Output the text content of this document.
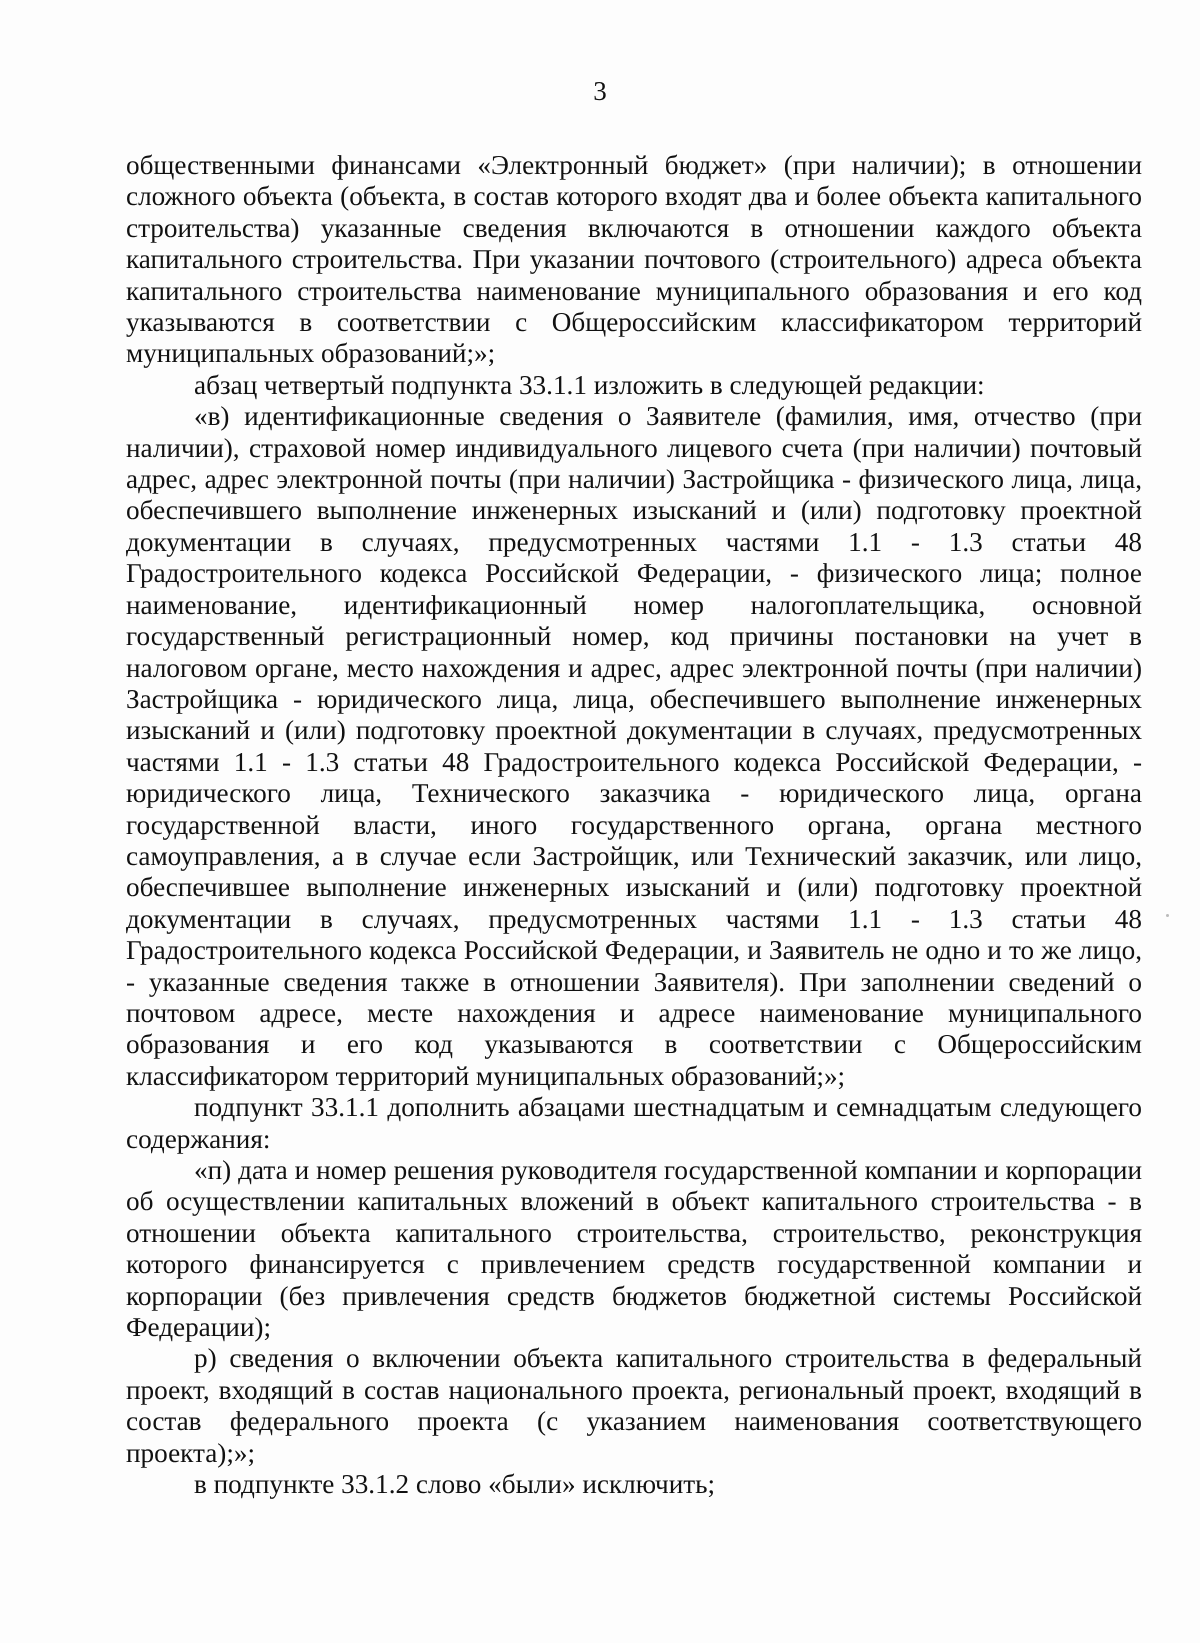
3

общественными финансами «Электронный бюджет» (при наличии); в отношении сложного объекта (объекта, в состав которого входят два и более объекта капитального строительства) указанные сведения включаются в отношении каждого объекта капитального строительства. При указании почтового (строительного) адреса объекта капитального строительства наименование муниципального образования и его код указываются в соответствии с Общероссийским классификатором территорий муниципальных образований;»;

абзац четвертый подпункта 33.1.1 изложить в следующей редакции:

«в) идентификационные сведения о Заявителе (фамилия, имя, отчество (при наличии), страховой номер индивидуального лицевого счета (при наличии) почтовый адрес, адрес электронной почты (при наличии) Застройщика - физического лица, лица, обеспечившего выполнение инженерных изысканий и (или) подготовку проектной документации в случаях, предусмотренных частями 1.1 - 1.3 статьи 48 Градостроительного кодекса Российской Федерации, - физического лица; полное наименование, идентификационный номер налогоплательщика, основной государственный регистрационный номер, код причины постановки на учет в налоговом органе, место нахождения и адрес, адрес электронной почты (при наличии) Застройщика - юридического лица, лица, обеспечившего выполнение инженерных изысканий и (или) подготовку проектной документации в случаях, предусмотренных частями 1.1 - 1.3 статьи 48 Градостроительного кодекса Российской Федерации, - юридического лица, Технического заказчика - юридического лица, органа государственной власти, иного государственного органа, органа местного самоуправления, а в случае если Застройщик, или Технический заказчик, или лицо, обеспечившее выполнение инженерных изысканий и (или) подготовку проектной документации в случаях, предусмотренных частями 1.1 - 1.3 статьи 48 Градостроительного кодекса Российской Федерации, и Заявитель не одно и то же лицо, - указанные сведения также в отношении Заявителя). При заполнении сведений о почтовом адресе, месте нахождения и адресе наименование муниципального образования и его код указываются в соответствии с Общероссийским классификатором территорий муниципальных образований;»;

подпункт 33.1.1 дополнить абзацами шестнадцатым и семнадцатым следующего содержания:

«п) дата и номер решения руководителя государственной компании и корпорации об осуществлении капитальных вложений в объект капитального строительства - в отношении объекта капитального строительства, строительство, реконструкция которого финансируется с привлечением средств государственной компании и корпорации (без привлечения средств бюджетов бюджетной системы Российской Федерации);

р) сведения о включении объекта капитального строительства в федеральный проект, входящий в состав национального проекта, региональный проект, входящий в состав федерального проекта (с указанием наименования соответствующего проекта);»;

в подпункте 33.1.2 слово «были» исключить;
